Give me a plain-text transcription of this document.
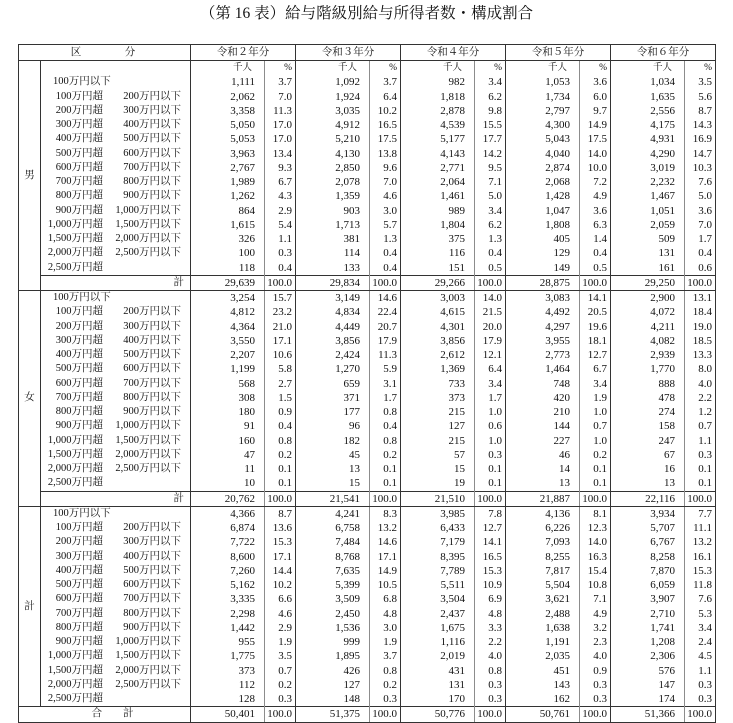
（第 16 表）給与階級別給与所得者数・構成割合
区　　　分		令和２年分		令和３年分		令和４年分		令和５年分		令和６年分	
男		千人	%	千人	%	千人	%	千人	%	千人	%

	100万円以下	1,111	3.7	1,092	3.7	982	3.4	1,053	3.6	1,034	3.5

	100万円超 200万円以下	2,062	7.0	1,924	6.4	1,818	6.2	1,734	6.0	1,635	5.6

	200万円超 300万円以下	3,358	11.3	3,035	10.2	2,878	9.8	2,797	9.7	2,556	8.7

	300万円超 400万円以下	5,050	17.0	4,912	16.5	4,539	15.5	4,300	14.9	4,175	14.3

	400万円超 500万円以下	5,053	17.0	5,210	17.5	5,177	17.7	5,043	17.5	4,931	16.9

	500万円超 600万円以下	3,963	13.4	4,130	13.8	4,143	14.2	4,040	14.0	4,290	14.7

	600万円超 700万円以下	2,767	9.3	2,850	9.6	2,771	9.5	2,874	10.0	3,019	10.3

	700万円超 800万円以下	1,989	6.7	2,078	7.0	2,064	7.1	2,068	7.2	2,232	7.6

	800万円超 900万円以下	1,262	4.3	1,359	4.6	1,461	5.0	1,428	4.9	1,467	5.0

	900万円超 1,000万円以下	864	2.9	903	3.0	989	3.4	1,047	3.6	1,051	3.6

	1,000万円超 1,500万円以下	1,615	5.4	1,713	5.7	1,804	6.2	1,808	6.3	2,059	7.0

	1,500万円超 2,000万円以下	326	1.1	381	1.3	375	1.3	405	1.4	509	1.7

	2,000万円超 2,500万円以下	100	0.3	114	0.4	116	0.4	129	0.4	131	0.4

	2,500万円超	118	0.4	133	0.4	151	0.5	149	0.5	161	0.6
	計	29,639	100.0	29,834	100.0	29,266	100.0	28,875	100.0	29,250	100.0
女	100万円以下	3,254	15.7	3,149	14.6	3,003	14.0	3,083	14.1	2,900	13.1

	100万円超 200万円以下	4,812	23.2	4,834	22.4	4,615	21.5	4,492	20.5	4,072	18.4

	200万円超 300万円以下	4,364	21.0	4,449	20.7	4,301	20.0	4,297	19.6	4,211	19.0

	300万円超 400万円以下	3,550	17.1	3,856	17.9	3,856	17.9	3,955	18.1	4,082	18.5

	400万円超 500万円以下	2,207	10.6	2,424	11.3	2,612	12.1	2,773	12.7	2,939	13.3

	500万円超 600万円以下	1,199	5.8	1,270	5.9	1,369	6.4	1,464	6.7	1,770	8.0

	600万円超 700万円以下	568	2.7	659	3.1	733	3.4	748	3.4	888	4.0

	700万円超 800万円以下	308	1.5	371	1.7	373	1.7	420	1.9	478	2.2

	800万円超 900万円以下	180	0.9	177	0.8	215	1.0	210	1.0	274	1.2

	900万円超 1,000万円以下	91	0.4	96	0.4	127	0.6	144	0.7	158	0.7

	1,000万円超 1,500万円以下	160	0.8	182	0.8	215	1.0	227	1.0	247	1.1

	1,500万円超 2,000万円以下	47	0.2	45	0.2	57	0.3	46	0.2	67	0.3

	2,000万円超 2,500万円以下	11	0.1	13	0.1	15	0.1	14	0.1	16	0.1

	2,500万円超	10	0.1	15	0.1	19	0.1	13	0.1	13	0.1
	計	20,762	100.0	21,541	100.0	21,510	100.0	21,887	100.0	22,116	100.0
計	100万円以下	4,366	8.7	4,241	8.3	3,985	7.8	4,136	8.1	3,934	7.7

	100万円超 200万円以下	6,874	13.6	6,758	13.2	6,433	12.7	6,226	12.3	5,707	11.1

	200万円超 300万円以下	7,722	15.3	7,484	14.6	7,179	14.1	7,093	14.0	6,767	13.2

	300万円超 400万円以下	8,600	17.1	8,768	17.1	8,395	16.5	8,255	16.3	8,258	16.1

	400万円超 500万円以下	7,260	14.4	7,635	14.9	7,789	15.3	7,817	15.4	7,870	15.3

	500万円超 600万円以下	5,162	10.2	5,399	10.5	5,511	10.9	5,504	10.8	6,059	11.8

	600万円超 700万円以下	3,335	6.6	3,509	6.8	3,504	6.9	3,621	7.1	3,907	7.6

	700万円超 800万円以下	2,298	4.6	2,450	4.8	2,437	4.8	2,488	4.9	2,710	5.3

	800万円超 900万円以下	1,442	2.9	1,536	3.0	1,675	3.3	1,638	3.2	1,741	3.4

	900万円超 1,000万円以下	955	1.9	999	1.9	1,116	2.2	1,191	2.3	1,208	2.4

	1,000万円超 1,500万円以下	1,775	3.5	1,895	3.7	2,019	4.0	2,035	4.0	2,306	4.5

	1,500万円超 2,000万円以下	373	0.7	426	0.8	431	0.8	451	0.9	576	1.1

	2,000万円超 2,500万円以下	112	0.2	127	0.2	131	0.3	143	0.3	147	0.3

	2,500万円超	128	0.3	148	0.3	170	0.3	162	0.3	174	0.3
合　　計		50,401	100.0	51,375	100.0	50,776	100.0	50,761	100.0	51,366	100.0
